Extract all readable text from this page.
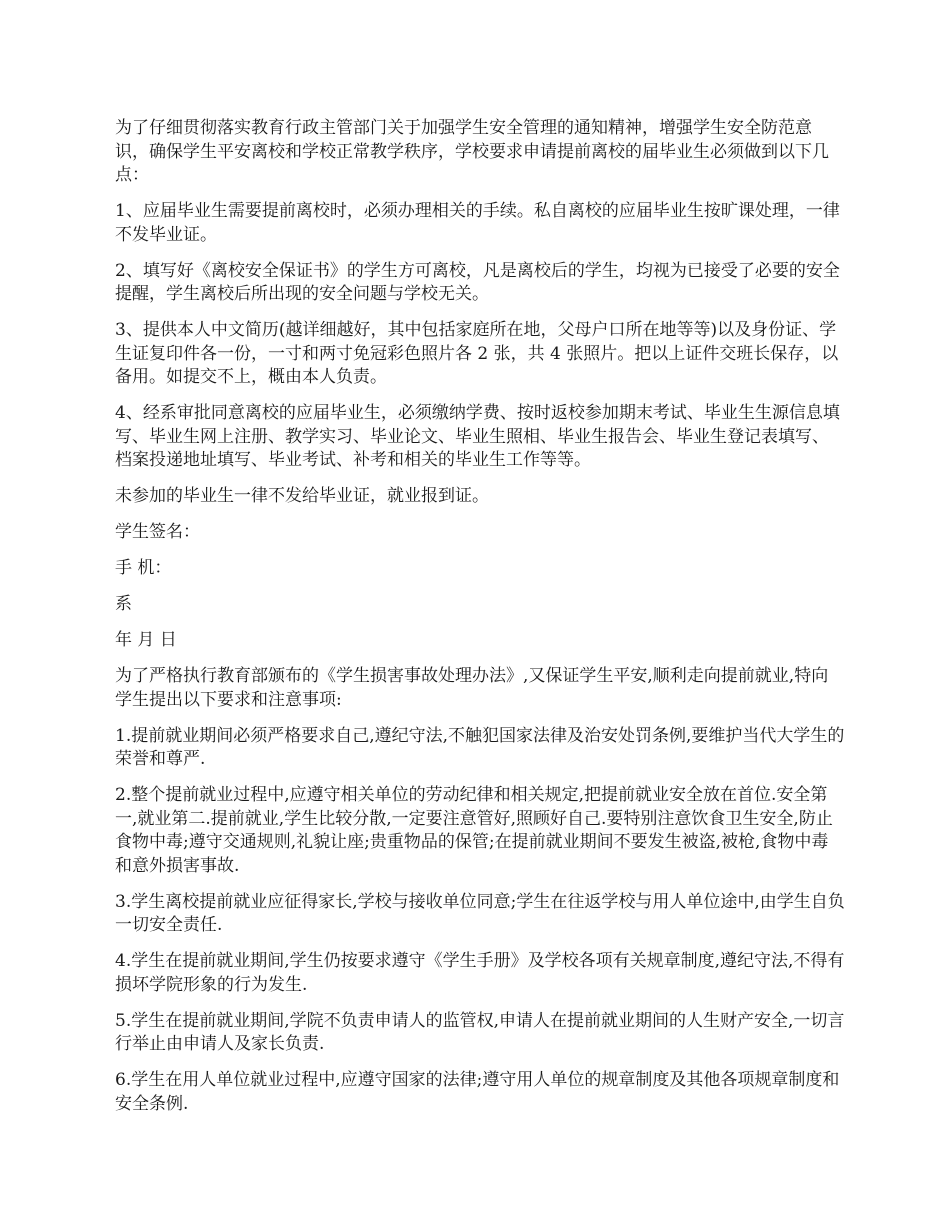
为了仔细贯彻落实教育行政主管部门关于加强学生安全管理的通知精神，增强学生安全防范意识，确保学生平安离校和学校正常教学秩序，学校要求申请提前离校的届毕业生必须做到以下几点：

1、应届毕业生需要提前离校时，必须办理相关的手续。私自离校的应届毕业生按旷课处理，一律不发毕业证。

2、填写好《离校安全保证书》的学生方可离校，凡是离校后的学生，均视为已接受了必要的安全提醒，学生离校后所出现的安全问题与学校无关。

3、提供本人中文简历(越详细越好，其中包括家庭所在地，父母户口所在地等等)以及身份证、学生证复印件各一份，一寸和两寸免冠彩色照片各 2 张，共 4 张照片。把以上证件交班长保存，以备用。如提交不上，概由本人负责。

4、经系审批同意离校的应届毕业生，必须缴纳学费、按时返校参加期末考试、毕业生生源信息填写、毕业生网上注册、教学实习、毕业论文、毕业生照相、毕业生报告会、毕业生登记表填写、档案投递地址填写、毕业考试、补考和相关的毕业生工作等等。

未参加的毕业生一律不发给毕业证，就业报到证。

学生签名：

手 机：

系

年 月 日

为了严格执行教育部颁布的《学生损害事故处理办法》,又保证学生平安,顺利走向提前就业,特向学生提出以下要求和注意事项:

1.提前就业期间必须严格要求自己,遵纪守法,不触犯国家法律及治安处罚条例,要维护当代大学生的荣誉和尊严.

2.整个提前就业过程中,应遵守相关单位的劳动纪律和相关规定,把提前就业安全放在首位.安全第一,就业第二.提前就业,学生比较分散,一定要注意管好,照顾好自己.要特别注意饮食卫生安全,防止食物中毒;遵守交通规则,礼貌让座;贵重物品的保管;在提前就业期间不要发生被盗,被枪,食物中毒和意外损害事故.

3.学生离校提前就业应征得家长,学校与接收单位同意;学生在往返学校与用人单位途中,由学生自负一切安全责任.

4.学生在提前就业期间,学生仍按要求遵守《学生手册》及学校各项有关规章制度,遵纪守法,不得有损坏学院形象的行为发生.

5.学生在提前就业期间,学院不负责申请人的监管权,申请人在提前就业期间的人生财产安全,一切言行举止由申请人及家长负责.

6.学生在用人单位就业过程中,应遵守国家的法律;遵守用人单位的规章制度及其他各项规章制度和安全条例.
